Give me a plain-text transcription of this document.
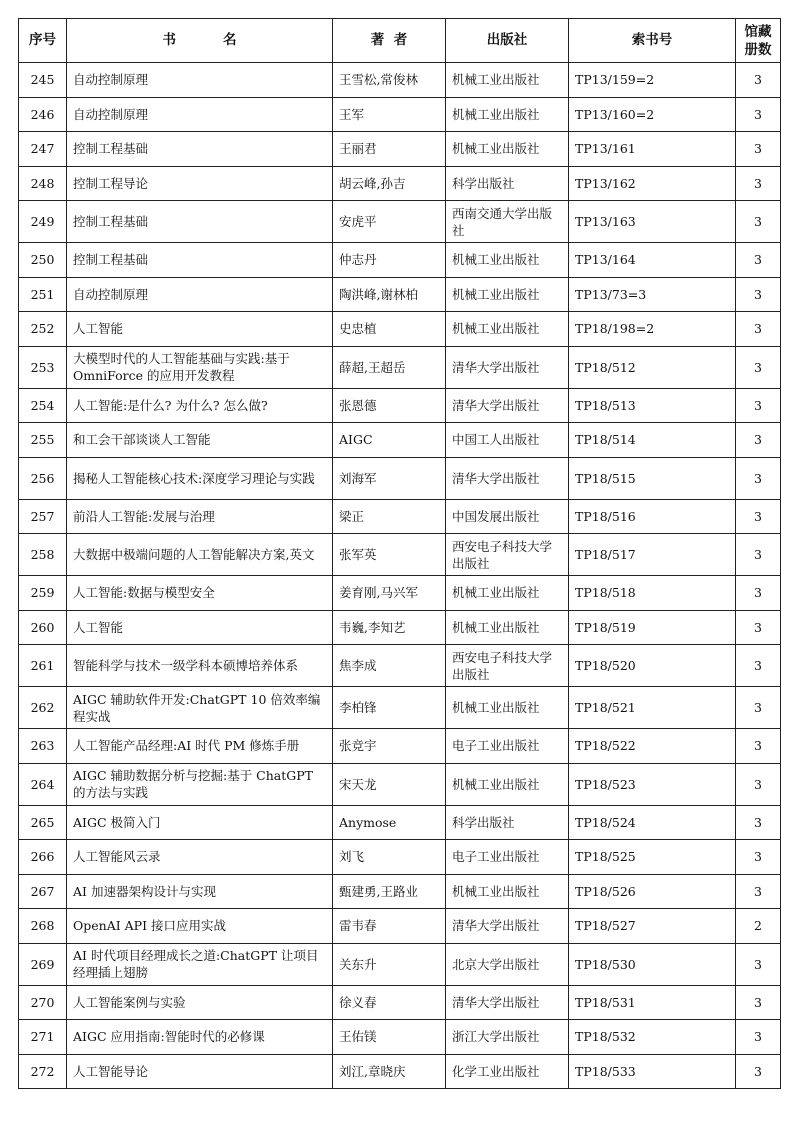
序号	书          名	著  者	出版社	索书号	馆藏册数
245	自动控制原理	王雪松,常俊林	机械工业出版社	TP13/159=2	3
246	自动控制原理	王军	机械工业出版社	TP13/160=2	3
247	控制工程基础	王丽君	机械工业出版社	TP13/161	3
248	控制工程导论	胡云峰,孙吉	科学出版社	TP13/162	3
249	控制工程基础	安虎平	西南交通大学出版社	TP13/163	3
250	控制工程基础	仲志丹	机械工业出版社	TP13/164	3
251	自动控制原理	陶洪峰,谢林柏	机械工业出版社	TP13/73=3	3
252	人工智能	史忠植	机械工业出版社	TP18/198=2	3
253	大模型时代的人工智能基础与实践:基于 OmniForce 的应用开发教程	薛超,王超岳	清华大学出版社	TP18/512	3
254	人工智能:是什么? 为什么? 怎么做?	张恩德	清华大学出版社	TP18/513	3
255	和工会干部谈谈人工智能	AIGC	中国工人出版社	TP18/514	3
256	揭秘人工智能核心技术:深度学习理论与实践	刘海军	清华大学出版社	TP18/515	3
257	前沿人工智能:发展与治理	梁正	中国发展出版社	TP18/516	3
258	大数据中极端问题的人工智能解决方案,英文	张军英	西安电子科技大学出版社	TP18/517	3
259	人工智能:数据与模型安全	姜育刚,马兴军	机械工业出版社	TP18/518	3
260	人工智能	韦巍,李知艺	机械工业出版社	TP18/519	3
261	智能科学与技术一级学科本硕博培养体系	焦李成	西安电子科技大学出版社	TP18/520	3
262	AIGC 辅助软件开发:ChatGPT 10 倍效率编程实战	李柏锋	机械工业出版社	TP18/521	3
263	人工智能产品经理:AI 时代 PM 修炼手册	张竞宇	电子工业出版社	TP18/522	3
264	AIGC 辅助数据分析与挖掘:基于 ChatGPT 的方法与实践	宋天龙	机械工业出版社	TP18/523	3
265	AIGC 极简入门	Anymose	科学出版社	TP18/524	3
266	人工智能风云录	刘飞	电子工业出版社	TP18/525	3
267	AI 加速器架构设计与实现	甄建勇,王路业	机械工业出版社	TP18/526	3
268	OpenAI API 接口应用实战	雷韦春	清华大学出版社	TP18/527	2
269	AI 时代项目经理成长之道:ChatGPT 让项目经理插上翅膀	关东升	北京大学出版社	TP18/530	3
270	人工智能案例与实验	徐义春	清华大学出版社	TP18/531	3
271	AIGC 应用指南:智能时代的必修课	王佑镁	浙江大学出版社	TP18/532	3
272	人工智能导论	刘江,章晓庆	化学工业出版社	TP18/533	3
